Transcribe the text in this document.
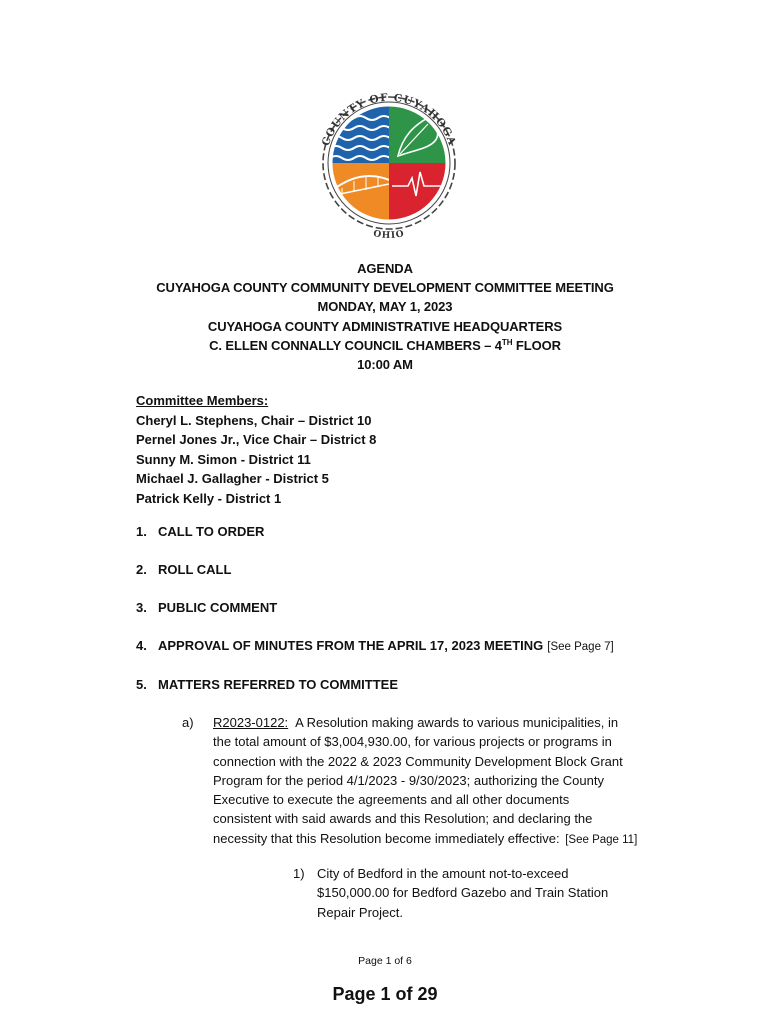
COUNTY OF CUYAHOGA
OHIO
AGENDA
CUYAHOGA COUNTY COMMUNITY DEVELOPMENT COMMITTEE MEETING
MONDAY, MAY 1, 2023
CUYAHOGA COUNTY ADMINISTRATIVE HEADQUARTERS
C. ELLEN CONNALLY COUNCIL CHAMBERS – 4TH FLOOR
10:00 AM
Committee Members:
Cheryl L. Stephens, Chair – District 10
Pernel Jones Jr., Vice Chair – District 8
Sunny M. Simon - District 11
Michael J. Gallagher - District 5
Patrick Kelly - District 1
1. CALL TO ORDER
2. ROLL CALL
3. PUBLIC COMMENT
4. APPROVAL OF MINUTES FROM THE APRIL 17, 2023 MEETING [See Page 7]
5. MATTERS REFERRED TO COMMITTEE
a) R2023-0122: A Resolution making awards to various municipalities, in
the total amount of $3,004,930.00, for various projects or programs in
connection with the 2022 & 2023 Community Development Block Grant
Program for the period 4/1/2023 - 9/30/2023; authorizing the County
Executive to execute the agreements and all other documents
consistent with said awards and this Resolution; and declaring the
necessity that this Resolution become immediately effective: [See Page 11]
1) City of Bedford in the amount not-to-exceed
$150,000.00 for Bedford Gazebo and Train Station
Repair Project.
Page 1 of 6
Page 1 of 29
